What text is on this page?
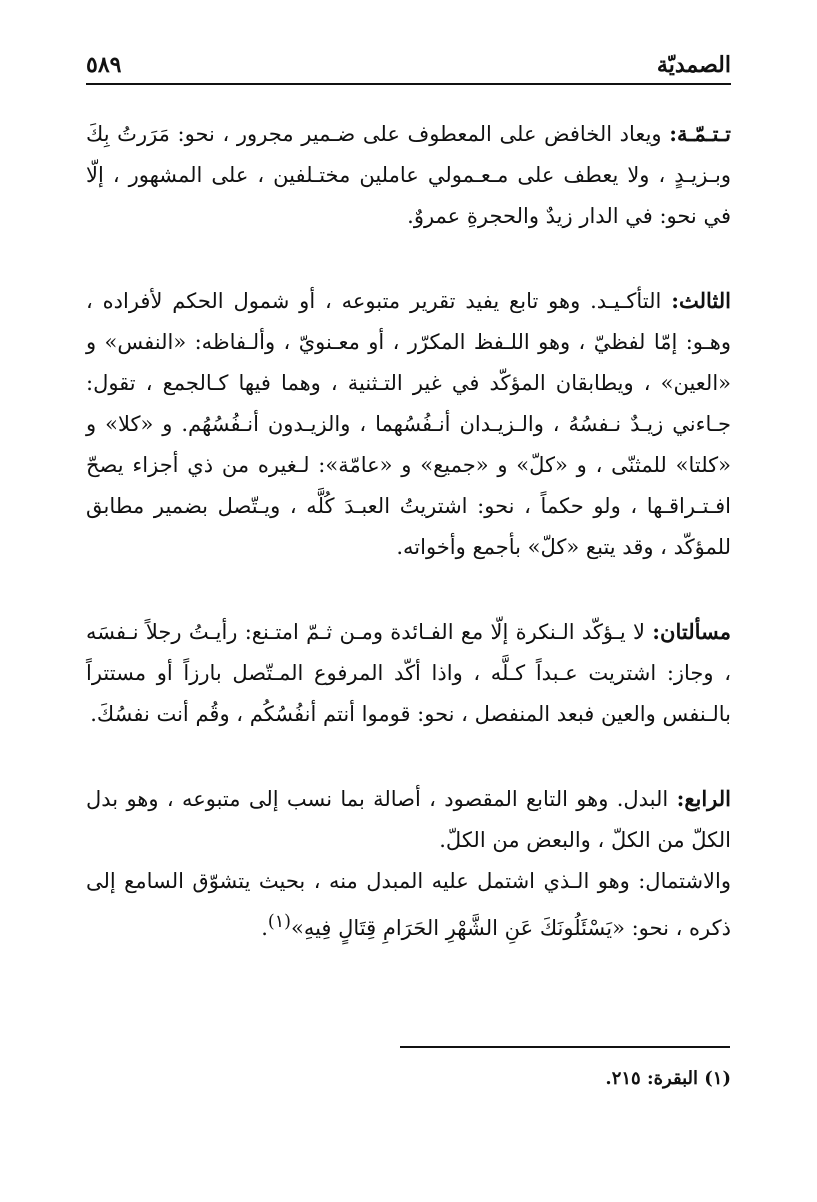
الصمديّة
٥٨٩

تـتـمّـة: ويعاد الخافض على المعطوف على ضـمير مجرور ، نحو: مَرَرتُ بِكَ وبـزيـدٍ ، ولا يعطف على مـعـمولي عاملين مختـلفين ، على المشهور ، إلّا في نحو: في الدار زيدٌ والحجرةِ عمروٌ.

الثالث: التأكـيـد. وهو تابع يفيد تقرير متبوعه ، أو شمول الحكم لأفراده ، وهـو: إمّا لفظيّ ، وهو اللـفظ المكرّر ، أو معـنويّ ، وألـفاظه: «النفس» و «العين» ، ويطابقان المؤكّد في غير التـثنية ، وهما فيها كـالجمع ، تقول: جـاءني زيـدٌ نـفسُهُ ، والـزيـدان أنـفُسُهما ، والزيـدون أنـفُسُهُم. و «كلا» و «كلتا» للمثنّى ، و «كلّ» و «جميع» و «عامّة»: لـغيره من ذي أجزاء يصحّ افـتـراقـها ، ولو حكماً ، نحو: اشتريتُ العبـدَ كُلَّه ، ويـتّصل بضمير مطابق للمؤكّد ، وقد يتبع «كلّ» بأجمع وأخواته.

مسألتان: لا يـؤكّد الـنكرة إلّا مع الفـائدة ومـن ثـمّ امتـنع: رأيـتُ رجلاً نـفسَه ، وجاز: اشتريت عـبداً كـلَّه ، واذا أكّد المرفوع المـتّصل بارزاً أو مستتراً بالـنفس والعين فبعد المنفصل ، نحو: قوموا أنتم أنفُسُكُم ، وقُم أنت نفسُكَ.

الرابع: البدل. وهو التابع المقصود ، أصالة بما نسب إلى متبوعه ، وهو بدل الكلّ من الكلّ ، والبعض من الكلّ.

والاشتمال: وهو الـذي اشتمل عليه المبدل منه ، بحيث يتشوّق السامع إلى ذكره ، نحو: «يَسْئَلُونَكَ عَنِ الشَّهْرِ الحَرَامِ قِتَالٍ فِيهِ»$^{(١)}$.

(١) البقرة: ٢١٥.
